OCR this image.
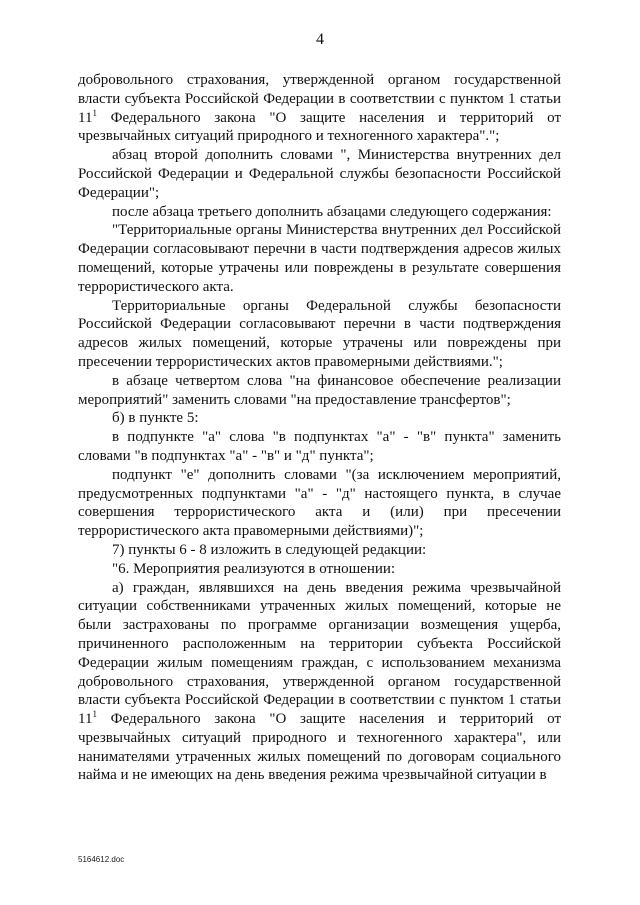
4

добровольного страхования, утвержденной органом государственной власти субъекта Российской Федерации в соответствии с пунктом 1 статьи $11^1$ Федерального закона "О защите населения и территорий от чрезвычайных ситуаций природного и техногенного характера".";

абзац второй дополнить словами ", Министерства внутренних дел Российской Федерации и Федеральной службы безопасности Российской Федерации";

после абзаца третьего дополнить абзацами следующего содержания:

"Территориальные органы Министерства внутренних дел Российской Федерации согласовывают перечни в части подтверждения адресов жилых помещений, которые утрачены или повреждены в результате совершения террористического акта.

Территориальные органы Федеральной службы безопасности Российской Федерации согласовывают перечни в части подтверждения адресов жилых помещений, которые утрачены или повреждены при пресечении террористических актов правомерными действиями.";

в абзаце четвертом слова "на финансовое обеспечение реализации мероприятий" заменить словами "на предоставление трансфертов";

б) в пункте 5:

в подпункте "а" слова "в подпунктах "а" - "в" пункта" заменить словами "в подпунктах "а" - "в" и "д" пункта";

подпункт "е" дополнить словами "(за исключением мероприятий, предусмотренных подпунктами "а" - "д" настоящего пункта, в случае совершения террористического акта и (или) при пресечении террористического акта правомерными действиями)";

7) пункты 6 - 8 изложить в следующей редакции:

"6. Мероприятия реализуются в отношении:

а) граждан, являвшихся на день введения режима чрезвычайной ситуации собственниками утраченных жилых помещений, которые не были застрахованы по программе организации возмещения ущерба, причиненного расположенным на территории субъекта Российской Федерации жилым помещениям граждан, с использованием механизма добровольного страхования, утвержденной органом государственной власти субъекта Российской Федерации в соответствии с пунктом 1 статьи $11^1$ Федерального закона "О защите населения и территорий от чрезвычайных ситуаций природного и техногенного характера", или нанимателями утраченных жилых помещений по договорам социального найма и не имеющих на день введения режима чрезвычайной ситуации в

5164612.doc
